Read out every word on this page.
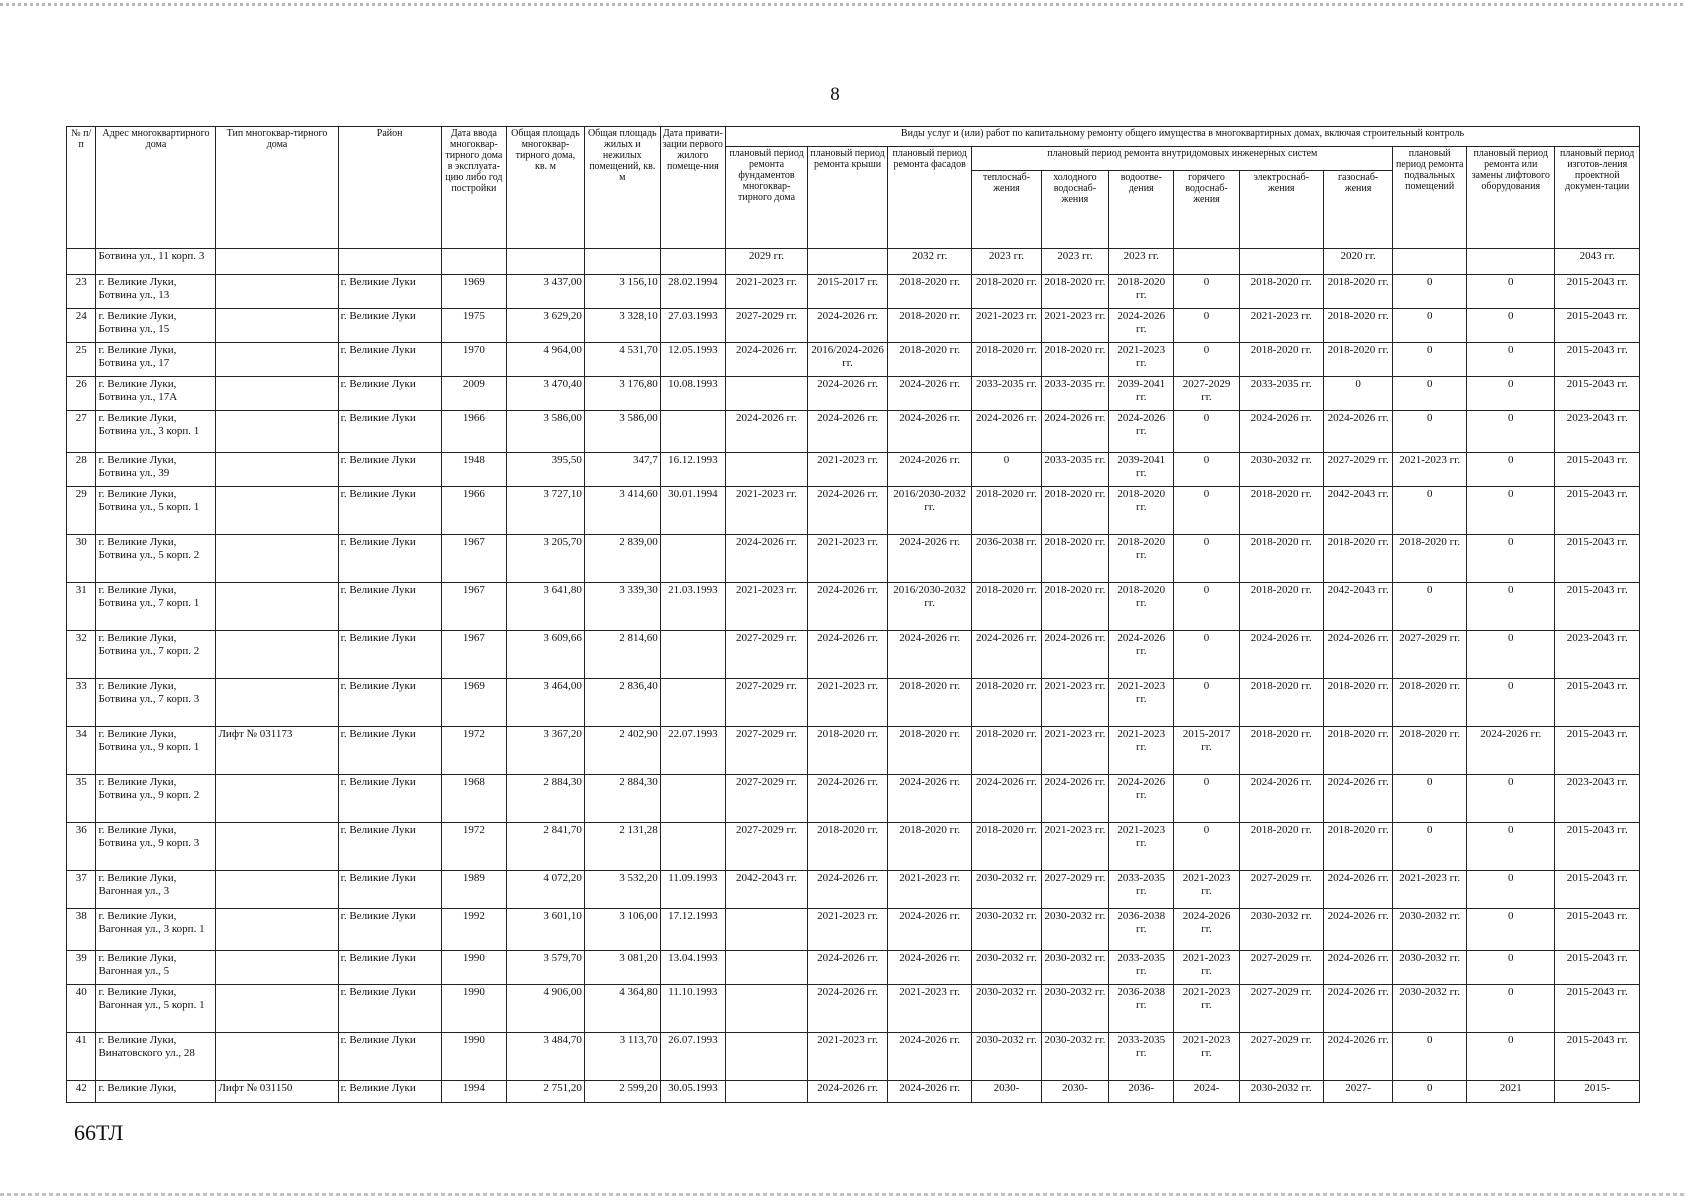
8
№ п/п	Адрес многоквартирного дома	Тип многоквар-тирного дома	Район	Дата ввода многоквар-тирного дома в эксплуата-цию либо год постройки	Общая площадь многоквар-тирного дома, кв. м	Общая площадь жилых и нежилых помещений, кв. м	Дата привати-зации первого жилого помеще-ния	Виды услуг и (или) работ по капитальному ремонту общего имущества в многоквартирных домах, включая строительный контроль											
								плановый период ремонта фундаментов многоквар-тирного дома	плановый период ремонта крыши	плановый период ремонта фасадов	плановый период ремонта внутридомовых инженерных систем						плановый период ремонта подвальных помещений	плановый период ремонта или замены лифтового оборудования	плановый период изготов-ления проектной докумен-тации
											теплоснаб-жения	холодного водоснаб-жения	водоотве-дения	горячего водоснаб-жения	электроснаб-жения	газоснаб-жения			
	Ботвина ул., 11 корп. 3							2029 гг.		2032 гг.	2023 гг.	2023 гг.	2023 гг.			2020 гг.			2043 гг.
23	г. Великие Луки, Ботвина ул., 13		г. Великие Луки	1969	3 437,00	3 156,10	28.02.1994	2021-2023 гг.	2015-2017 гг.	2018-2020 гг.	2018-2020 гг.	2018-2020 гг.	2018-2020 гг.	0	2018-2020 гг.	2018-2020 гг.	0	0	2015-2043 гг.
24	г. Великие Луки, Ботвина ул., 15		г. Великие Луки	1975	3 629,20	3 328,10	27.03.1993	2027-2029 гг.	2024-2026 гг.	2018-2020 гг.	2021-2023 гг.	2021-2023 гг.	2024-2026 гг.	0	2021-2023 гг.	2018-2020 гг.	0	0	2015-2043 гг.
25	г. Великие Луки, Ботвина ул., 17		г. Великие Луки	1970	4 964,00	4 531,70	12.05.1993	2024-2026 гг.	2016/2024-2026 гг.	2018-2020 гг.	2018-2020 гг.	2018-2020 гг.	2021-2023 гг.	0	2018-2020 гг.	2018-2020 гг.	0	0	2015-2043 гг.
26	г. Великие Луки, Ботвина ул., 17А		г. Великие Луки	2009	3 470,40	3 176,80	10.08.1993		2024-2026 гг.	2024-2026 гг.	2033-2035 гг.	2033-2035 гг.	2039-2041 гг.	2027-2029 гг.	2033-2035 гг.	0	0	0	2015-2043 гг.
27	г. Великие Луки, Ботвина ул., 3 корп. 1		г. Великие Луки	1966	3 586,00	3 586,00		2024-2026 гг.	2024-2026 гг.	2024-2026 гг.	2024-2026 гг.	2024-2026 гг.	2024-2026 гг.	0	2024-2026 гг.	2024-2026 гг.	0	0	2023-2043 гг.
28	г. Великие Луки, Ботвина ул., 39		г. Великие Луки	1948	395,50	347,7	16.12.1993		2021-2023 гг.	2024-2026 гг.	0	2033-2035 гг.	2039-2041 гг.	0	2030-2032 гг.	2027-2029 гг.	2021-2023 гг.	0	2015-2043 гг.
29	г. Великие Луки, Ботвина ул., 5 корп. 1		г. Великие Луки	1966	3 727,10	3 414,60	30.01.1994	2021-2023 гг.	2024-2026 гг.	2016/2030-2032 гг.	2018-2020 гг.	2018-2020 гг.	2018-2020 гг.	0	2018-2020 гг.	2042-2043 гг.	0	0	2015-2043 гг.
30	г. Великие Луки, Ботвина ул., 5 корп. 2		г. Великие Луки	1967	3 205,70	2 839,00		2024-2026 гг.	2021-2023 гг.	2024-2026 гг.	2036-2038 гг.	2018-2020 гг.	2018-2020 гг.	0	2018-2020 гг.	2018-2020 гг.	2018-2020 гг.	0	2015-2043 гг.
31	г. Великие Луки, Ботвина ул., 7 корп. 1		г. Великие Луки	1967	3 641,80	3 339,30	21.03.1993	2021-2023 гг.	2024-2026 гг.	2016/2030-2032 гг.	2018-2020 гг.	2018-2020 гг.	2018-2020 гг.	0	2018-2020 гг.	2042-2043 гг.	0	0	2015-2043 гг.
32	г. Великие Луки, Ботвина ул., 7 корп. 2		г. Великие Луки	1967	3 609,66	2 814,60		2027-2029 гг.	2024-2026 гг.	2024-2026 гг.	2024-2026 гг.	2024-2026 гг.	2024-2026 гг.	0	2024-2026 гг.	2024-2026 гг.	2027-2029 гг.	0	2023-2043 гг.
33	г. Великие Луки, Ботвина ул., 7 корп. 3		г. Великие Луки	1969	3 464,00	2 836,40		2027-2029 гг.	2021-2023 гг.	2018-2020 гг.	2018-2020 гг.	2021-2023 гг.	2021-2023 гг.	0	2018-2020 гг.	2018-2020 гг.	2018-2020 гг.	0	2015-2043 гг.
34	г. Великие Луки, Ботвина ул., 9 корп. 1	Лифт № 031173	г. Великие Луки	1972	3 367,20	2 402,90	22.07.1993	2027-2029 гг.	2018-2020 гг.	2018-2020 гг.	2018-2020 гг.	2021-2023 гг.	2021-2023 гг.	2015-2017 гг.	2018-2020 гг.	2018-2020 гг.	2018-2020 гг.	2024-2026 гг.	2015-2043 гг.
35	г. Великие Луки, Ботвина ул., 9 корп. 2		г. Великие Луки	1968	2 884,30	2 884,30		2027-2029 гг.	2024-2026 гг.	2024-2026 гг.	2024-2026 гг.	2024-2026 гг.	2024-2026 гг.	0	2024-2026 гг.	2024-2026 гг.	0	0	2023-2043 гг.
36	г. Великие Луки, Ботвина ул., 9 корп. 3		г. Великие Луки	1972	2 841,70	2 131,28		2027-2029 гг.	2018-2020 гг.	2018-2020 гг.	2018-2020 гг.	2021-2023 гг.	2021-2023 гг.	0	2018-2020 гг.	2018-2020 гг.	0	0	2015-2043 гг.
37	г. Великие Луки, Вагонная ул., 3		г. Великие Луки	1989	4 072,20	3 532,20	11.09.1993	2042-2043 гг.	2024-2026 гг.	2021-2023 гг.	2030-2032 гг.	2027-2029 гг.	2033-2035 гг.	2021-2023 гг.	2027-2029 гг.	2024-2026 гг.	2021-2023 гг.	0	2015-2043 гг.
38	г. Великие Луки, Вагонная ул., 3 корп. 1		г. Великие Луки	1992	3 601,10	3 106,00	17.12.1993		2021-2023 гг.	2024-2026 гг.	2030-2032 гг.	2030-2032 гг.	2036-2038 гг.	2024-2026 гг.	2030-2032 гг.	2024-2026 гг.	2030-2032 гг.	0	2015-2043 гг.
39	г. Великие Луки, Вагонная ул., 5		г. Великие Луки	1990	3 579,70	3 081,20	13.04.1993		2024-2026 гг.	2024-2026 гг.	2030-2032 гг.	2030-2032 гг.	2033-2035 гг.	2021-2023 гг.	2027-2029 гг.	2024-2026 гг.	2030-2032 гг.	0	2015-2043 гг.
40	г. Великие Луки, Вагонная ул., 5 корп. 1		г. Великие Луки	1990	4 906,00	4 364,80	11.10.1993		2024-2026 гг.	2021-2023 гг.	2030-2032 гг.	2030-2032 гг.	2036-2038 гг.	2021-2023 гг.	2027-2029 гг.	2024-2026 гг.	2030-2032 гг.	0	2015-2043 гг.
41	г. Великие Луки, Винатовского ул., 28		г. Великие Луки	1990	3 484,70	3 113,70	26.07.1993		2021-2023 гг.	2024-2026 гг.	2030-2032 гг.	2030-2032 гг.	2033-2035 гг.	2021-2023 гг.	2027-2029 гг.	2024-2026 гг.	0	0	2015-2043 гг.
42	г. Великие Луки,	Лифт № 031150	г. Великие Луки	1994	2 751,20	2 599,20	30.05.1993		2024-2026 гг.	2024-2026 гг.	2030-	2030-	2036-	2024-	2030-2032 гг.	2027-	0	2021	2015-
66ТЛ
